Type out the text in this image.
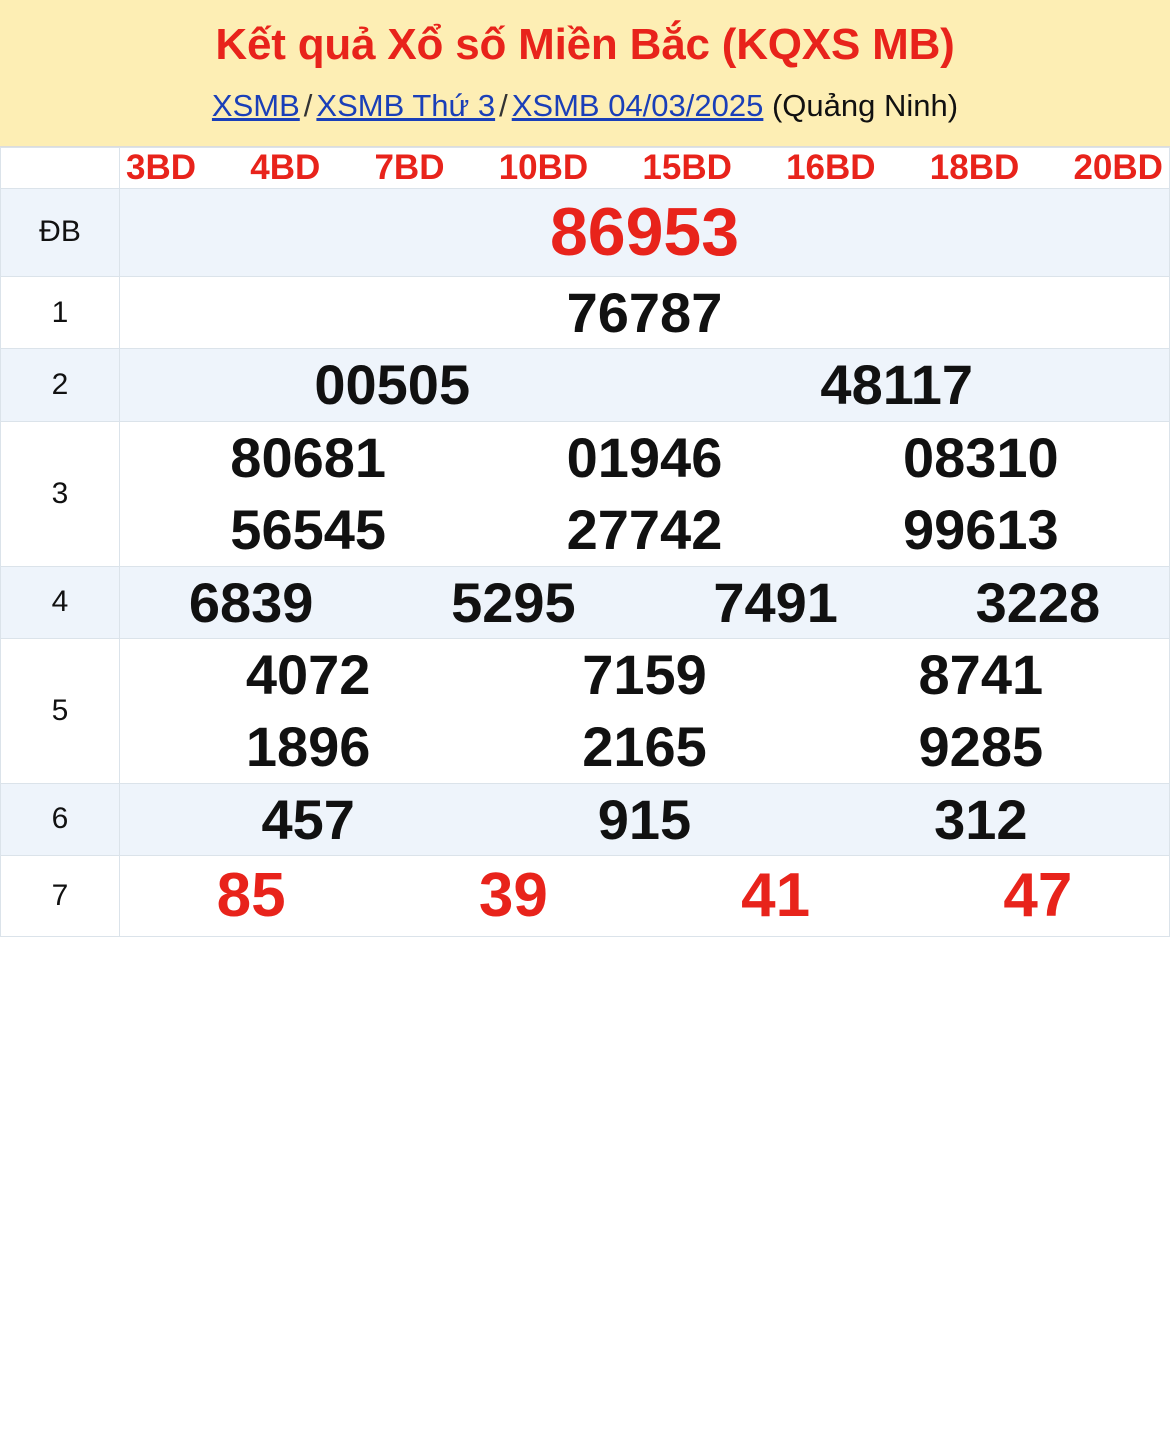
Kết quả Xổ số Miền Bắc (KQXS MB)
XSMB / XSMB Thứ 3 / XSMB 04/03/2025 (Quảng Ninh)

3BD 4BD 7BD 10BD 15BD 16BD 18BD 20BD

ĐB	86953

1	76787

2	00505 48117

3	
80681	01946	08310
56545	27742	99613

4	6839 5295 7491 3228

5	
4072	7159	8741
1896	2165	9285

6	457 915 312

7	85 39 41 47
